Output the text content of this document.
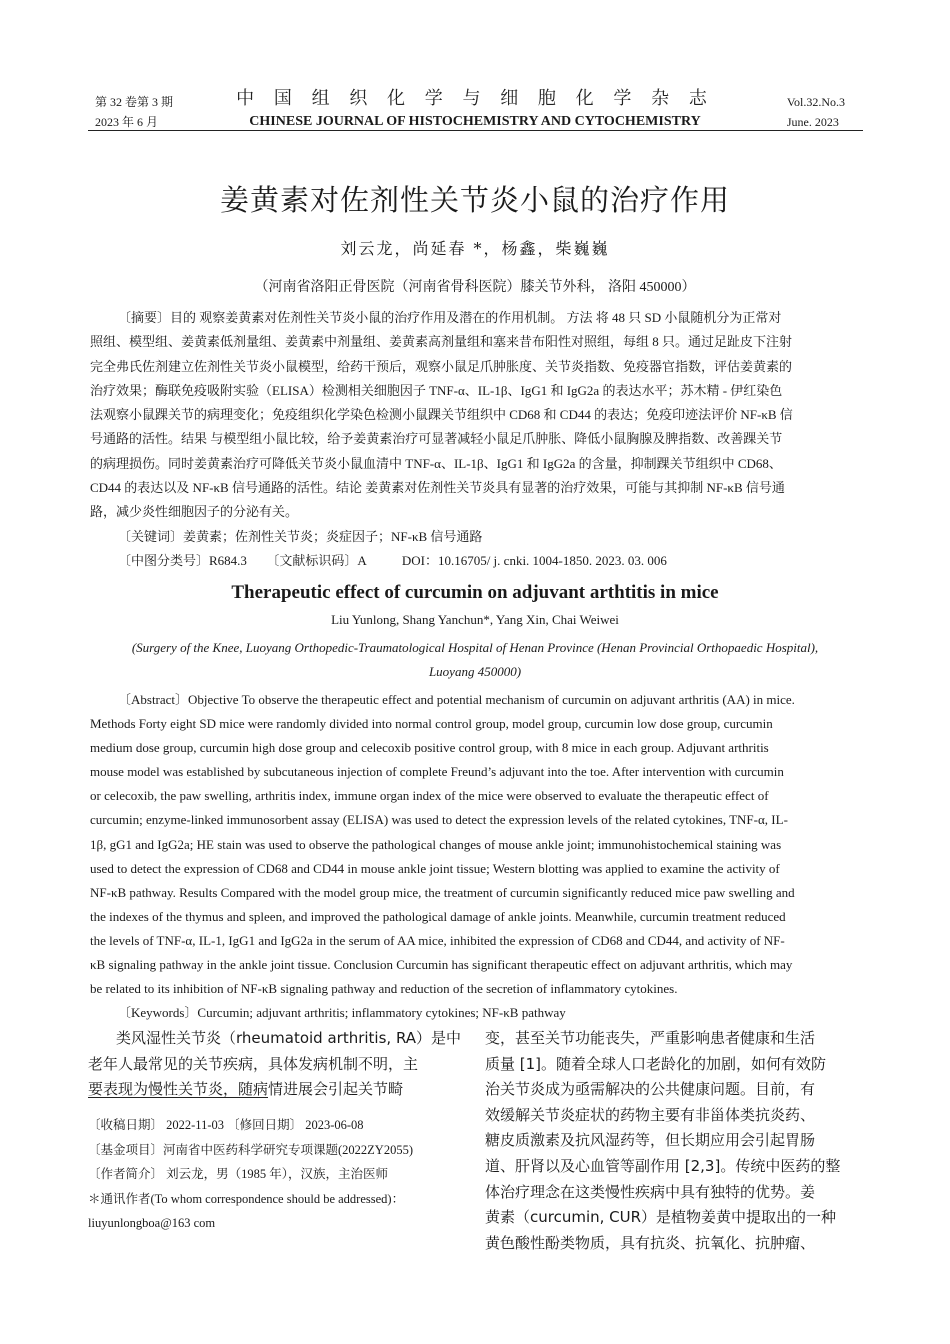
第 32 卷第 3 期
2023 年 6 月
中 国 组 织 化 学 与 细 胞 化 学 杂 志
CHINESE JOURNAL OF HISTOCHEMISTRY AND CYTOCHEMISTRY
Vol.32.No.3
June. 2023
姜黄素对佐剂性关节炎小鼠的治疗作用
刘云龙，尚延春 *，杨鑫，柴巍巍
（河南省洛阳正骨医院（河南省骨科医院）膝关节外科， 洛阳 450000）
〔摘要〕目的 观察姜黄素对佐剂性关节炎小鼠的治疗作用及潜在的作用机制。 方法 将 48 只 SD 小鼠随机分为正常对
照组、模型组、姜黄素低剂量组、姜黄素中剂量组、姜黄素高剂量组和塞来昔布阳性对照组，每组 8 只。通过足趾皮下注射
完全弗氏佐剂建立佐剂性关节炎小鼠模型，给药干预后，观察小鼠足爪肿胀度、关节炎指数、免疫器官指数，评估姜黄素的
治疗效果；酶联免疫吸附实验（ELISA）检测相关细胞因子 TNF-α、IL-1β、IgG1 和 IgG2a 的表达水平；苏木精 - 伊红染色
法观察小鼠踝关节的病理变化；免疫组织化学染色检测小鼠踝关节组织中 CD68 和 CD44 的表达；免疫印迹法评价 NF-κB 信
号通路的活性。结果 与模型组小鼠比较，给予姜黄素治疗可显著减轻小鼠足爪肿胀、降低小鼠胸腺及脾指数、改善踝关节
的病理损伤。同时姜黄素治疗可降低关节炎小鼠血清中 TNF-α、IL-1β、IgG1 和 IgG2a 的含量，抑制踝关节组织中 CD68、
CD44 的表达以及 NF-κB 信号通路的活性。结论 姜黄素对佐剂性关节炎具有显著的治疗效果，可能与其抑制 NF-κB 信号通
路，减少炎性细胞因子的分泌有关。
〔关键词〕姜黄素；佐剂性关节炎；炎症因子；NF-κB 信号通路
〔中图分类号〕R684.3      〔文献标识码〕A           DOI：10.16705/ j. cnki. 1004-1850. 2023. 03. 006
Therapeutic effect of curcumin on adjuvant arthtitis in mice
Liu Yunlong, Shang Yanchun*, Yang Xin, Chai Weiwei
(Surgery of the Knee, Luoyang Orthopedic-Traumatological Hospital of Henan Province (Henan Provincial Orthopaedic Hospital),
Luoyang 450000)
〔Abstract〕Objective To observe the therapeutic effect and potential mechanism of curcumin on adjuvant arthritis (AA) in mice.
Methods Forty eight SD mice were randomly divided into normal control group, model group, curcumin low dose group, curcumin
medium dose group, curcumin high dose group and celecoxib positive control group, with 8 mice in each group. Adjuvant arthritis
mouse model was established by subcutaneous injection of complete Freund’s adjuvant into the toe. After intervention with curcumin
or celecoxib, the paw swelling, arthritis index, immune organ index of the mice were observed to evaluate the therapeutic effect of
curcumin; enzyme-linked immunosorbent assay (ELISA) was used to detect the expression levels of the related cytokines, TNF-α, IL-
1β, gG1 and IgG2a; HE stain was used to observe the pathological changes of mouse ankle joint; immunohistochemical staining was
used to detect the expression of CD68 and CD44 in mouse ankle joint tissue; Western blotting was applied to examine the activity of
NF-κB pathway. Results Compared with the model group mice, the treatment of curcumin significantly reduced mice paw swelling and
the indexes of the thymus and spleen, and improved the pathological damage of ankle joints. Meanwhile, curcumin treatment reduced
the levels of TNF-α, IL-1, IgG1 and IgG2a in the serum of AA mice, inhibited the expression of CD68 and CD44, and activity of NF-
κB signaling pathway in the ankle joint tissue. Conclusion Curcumin has significant therapeutic effect on adjuvant arthritis, which may
be related to its inhibition of NF-κB signaling pathway and reduction of the secretion of inflammatory cytokines.
〔Keywords〕Curcumin; adjuvant arthritis; inflammatory cytokines; NF-κB pathway
类风湿性关节炎（rheumatoid arthritis, RA）是中
老年人最常见的关节疾病，具体发病机制不明，主
要表现为慢性关节炎，随病情进展会引起关节畸
〔收稿日期〕 2022-11-03 〔修回日期〕 2023-06-08
〔基金项目〕河南省中医药科学研究专项课题(2022ZY2055)
〔作者简介〕 刘云龙，男（1985 年），汉族，主治医师
＊通讯作者(To whom correspondence should be addressed)：
liuyunlongboa@163 com
变，甚至关节功能丧失，严重影响患者健康和生活
质量 [1]。随着全球人口老龄化的加剧，如何有效防
治关节炎成为亟需解决的公共健康问题。目前，有
效缓解关节炎症状的药物主要有非甾体类抗炎药、
糖皮质激素及抗风湿药等，但长期应用会引起胃肠
道、肝肾以及心血管等副作用 [2,3]。传统中医药的整
体治疗理念在这类慢性疾病中具有独特的优势。姜
黄素（curcumin, CUR）是植物姜黄中提取出的一种
黄色酸性酚类物质，具有抗炎、抗氧化、抗肿瘤、
